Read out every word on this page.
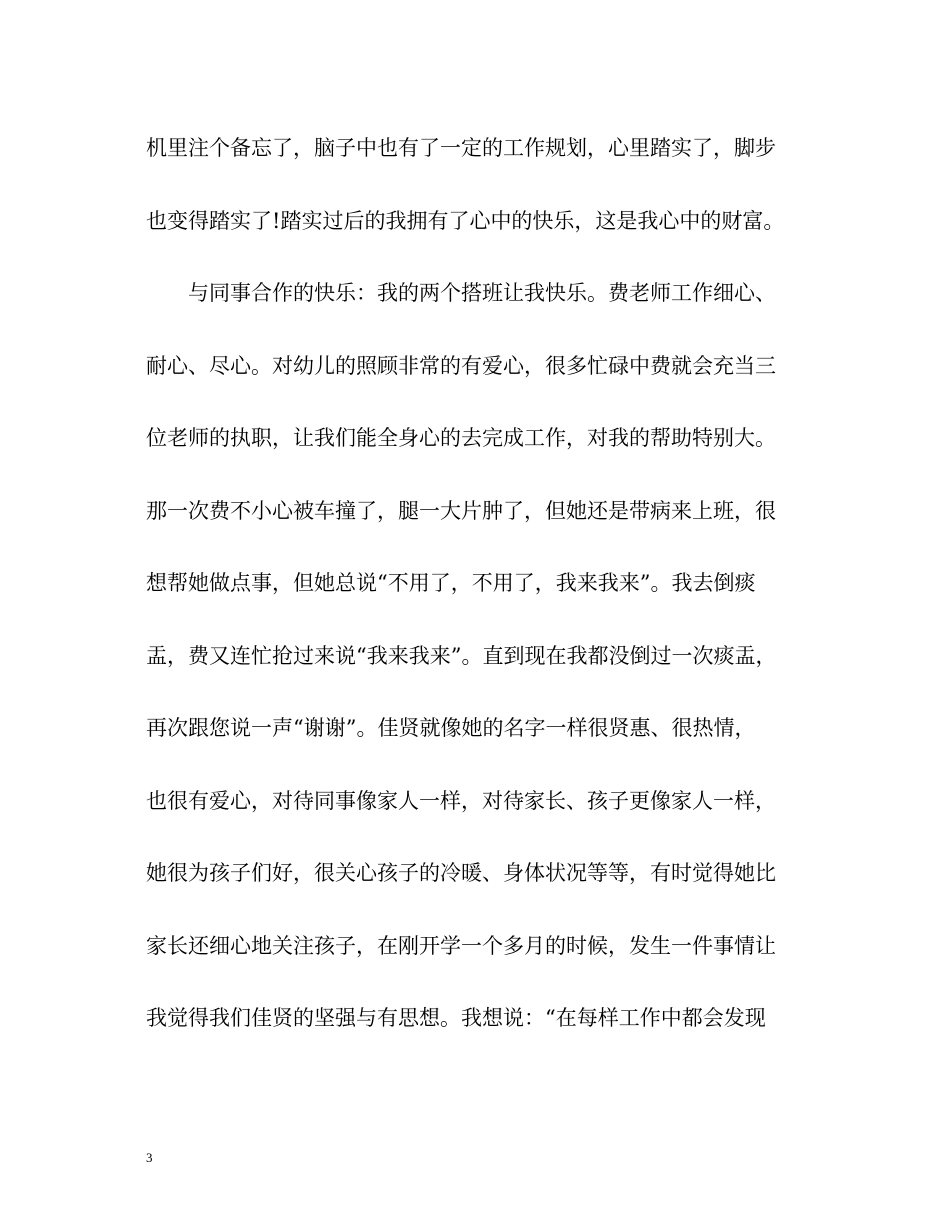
机里注个备忘了，脑子中也有了一定的工作规划，心里踏实了，脚步
也变得踏实了!踏实过后的我拥有了心中的快乐，这是我心中的财富。
与同事合作的快乐：我的两个搭班让我快乐。费老师工作细心、
耐心、尽心。对幼儿的照顾非常的有爱心，很多忙碌中费就会充当三
位老师的执职，让我们能全身心的去完成工作，对我的帮助特别大。
那一次费不小心被车撞了，腿一大片肿了，但她还是带病来上班，很
想帮她做点事，但她总说“不用了，不用了，我来我来”。我去倒痰
盂，费又连忙抢过来说“我来我来”。直到现在我都没倒过一次痰盂，
再次跟您说一声“谢谢”。佳贤就像她的名字一样很贤惠、很热情，
也很有爱心，对待同事像家人一样，对待家长、孩子更像家人一样，
她很为孩子们好，很关心孩子的冷暖、身体状况等等，有时觉得她比
家长还细心地关注孩子，在刚开学一个多月的时候，发生一件事情让
我觉得我们佳贤的坚强与有思想。我想说：“在每样工作中都会发现
3
